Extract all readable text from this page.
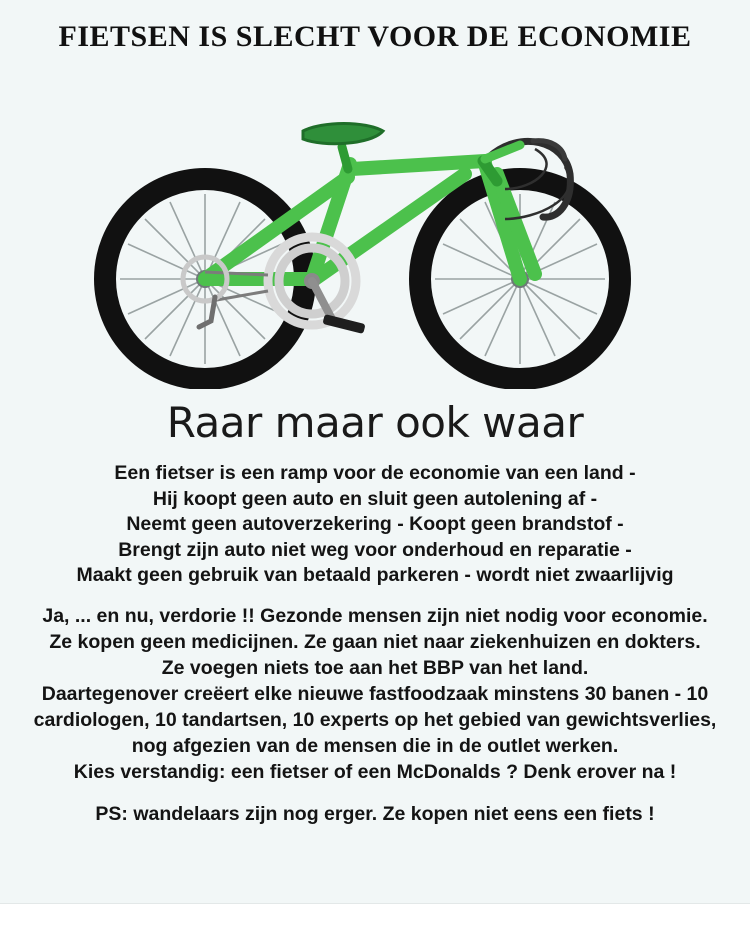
FIETSEN IS SLECHT VOOR DE ECONOMIE
Raar maar ook waar
Een fietser is een ramp voor de economie van een land -
Hij koopt geen auto en sluit geen autolening af -
Neemt geen autoverzekering - Koopt geen brandstof -
Brengt zijn auto niet weg voor onderhoud en reparatie -
Maakt geen gebruik van betaald parkeren - wordt niet zwaarlijvig
Ja, ... en nu, verdorie !! Gezonde mensen zijn niet nodig voor economie.
Ze kopen geen medicijnen. Ze gaan niet naar ziekenhuizen en dokters.
Ze voegen niets toe aan het BBP van het land.
Daartegenover creëert elke nieuwe fastfoodzaak minstens 30 banen - 10
cardiologen, 10 tandartsen, 10 experts op het gebied van gewichtsverlies,
nog afgezien van de mensen die in de outlet werken.
Kies verstandig: een fietser of een McDonalds ? Denk erover na !
PS: wandelaars zijn nog erger. Ze kopen niet eens een fiets !
